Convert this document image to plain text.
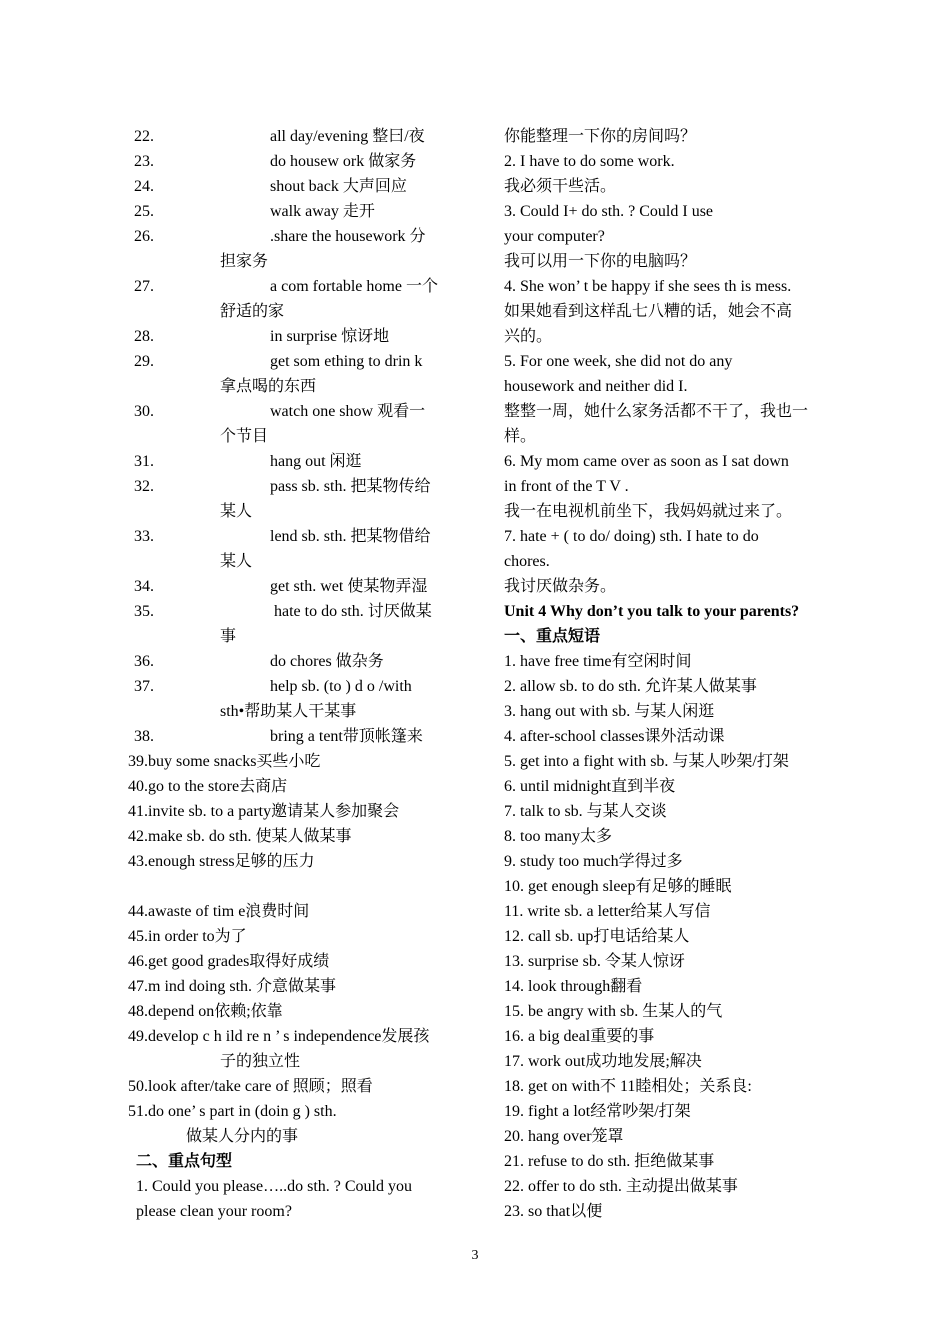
22.	all day/evening 整曰/夜
23.	do housew ork 做家务
24.	shout back 大声回应
25.	walk away 走开
26.	.share the housework 分
担家务
27.	a com fortable home 一个
舒适的家
28.	in surprise 惊讶地
29.	get som ething to drin k
拿点喝的东西
30.	watch one show 观看一
个节目
31.	hang out 闲逛
32.	pass sb. sth. 把某物传给
某人
33.	lend sb. sth. 把某物借给
某人
34.	get sth. wet 使某物弄湿
35.	hate to do sth. 讨厌做某
事
36.	do chores 做杂务
37.	help sb. (to ) d o /with
sth•帮助某人干某事
38.	bring a tent带顶帐篷来
39.buy some snacks买些小吃
40.go to the store去商店
41.invite sb. to a party邀请某人参加聚会
42.make sb. do sth. 使某人做某事
43.enough stress足够的压力
44.awaste of tim e浪费时间
45.in order to为了
46.get good grades取得好成绩
47.m ind doing sth. 介意做某事
48.depend on依赖;依靠
49.develop c h ild re n ’ s independence发展孩
子的独立性
50.look after/take care of 照顾；照看
51.do one’ s part in (doin g ) sth.
做某人分内的事
二、重点句型
1. Could you please…..do sth. ? Could you
please clean your room?
你能整理一下你的房间吗？
2. I have to do some work.
我必须干些活。
3. Could I+ do sth. ? Could I use
your computer?
我可以用一下你的电脑吗？
4. She won’ t be happy if she sees th is mess.
如果她看到这样乱七八糟的话，她会不高
兴的。
5. For one week, she did not do any
housework and neither did I.
整整一周，她什么家务活都不干了，我也一
样。
6. My mom came over as soon as I sat down
in front of the T V .
我一在电视机前坐下，我妈妈就过来了。
7. hate + ( to do/ doing) sth. I hate to do
chores.
我讨厌做杂务。
Unit 4 Why don’t you talk to your parents?
一、重点短语
1. have free time有空闲时间
2. allow sb. to do sth. 允许某人做某事
3. hang out with sb. 与某人闲逛
4. after-school classes课外活动课
5. get into a fight with sb. 与某人吵架/打架
6. until midnight直到半夜
7. talk to sb. 与某人交谈
8. too many太多
9. study too much学得过多
10. get enough sleep有足够的睡眠
11. write sb. a letter给某人写信
12. call sb. up打电话给某人
13. surprise sb. 令某人惊讶
14. look through翻看
15. be angry with sb. 生某人的气
16. a big deal重要的事
17. work out成功地发展;解决
18. get on with不 11睦相处；关系良:
19. fight a lot经常吵架/打架
20. hang over笼罩
21. refuse to do sth. 拒绝做某事
22. offer to do sth. 主动提出做某事
23. so that以便
3
